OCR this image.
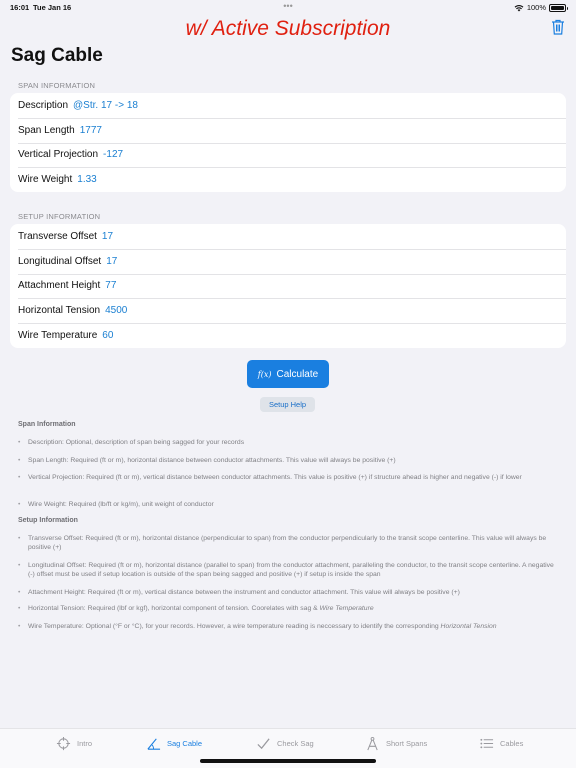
16:01 Tue Jan 16	•••	100%
w/ Active Subscription
Sag Cable
SPAN INFORMATION
Description @Str. 17 -> 18
Span Length 1777
Vertical Projection -127
Wire Weight 1.33
SETUP INFORMATION
Transverse Offset 17
Longitudinal Offset 17
Attachment Height 77
Horizontal Tension 4500
Wire Temperature 60
f(x) Calculate
Setup Help
Span Information
• Description: Optional, description of span being sagged for your records
• Span Length: Required (ft or m), horizontal distance between conductor attachments. This value will always be positive (+)
• Vertical Projection: Required (ft or m), vertical distance between conductor attachments. This value is positive (+) if structure ahead is higher and negative (-) if lower
• Wire Weight: Required (lb/ft or kg/m), unit weight of conductor
Setup Information
• Transverse Offset: Required (ft or m), horizontal distance (perpendicular to span) from the conductor perpendicularly to the transit scope centerline. This value will always be positive (+)
• Longitudinal Offset: Required (ft or m), horizontal distance (parallel to span) from the conductor attachment, paralleling the conductor, to the transit scope centerline. A negative (-) offset must be used if setup location is outside of the span being sagged and positive (+) if setup is inside the span
• Attachment Height: Required (ft or m), vertical distance between the instrument and conductor attachment. This value will always be positive (+)
• Horizontal Tension: Required (lbf or kgf), horizontal component of tension. Coorelates with sag & Wire Temperature
• Wire Temperature: Optional (°F or °C), for your records. However, a wire temperature reading is neccessary to identify the corresponding Horizontal Tension
Intro	Sag Cable	Check Sag	Short Spans	Cables
